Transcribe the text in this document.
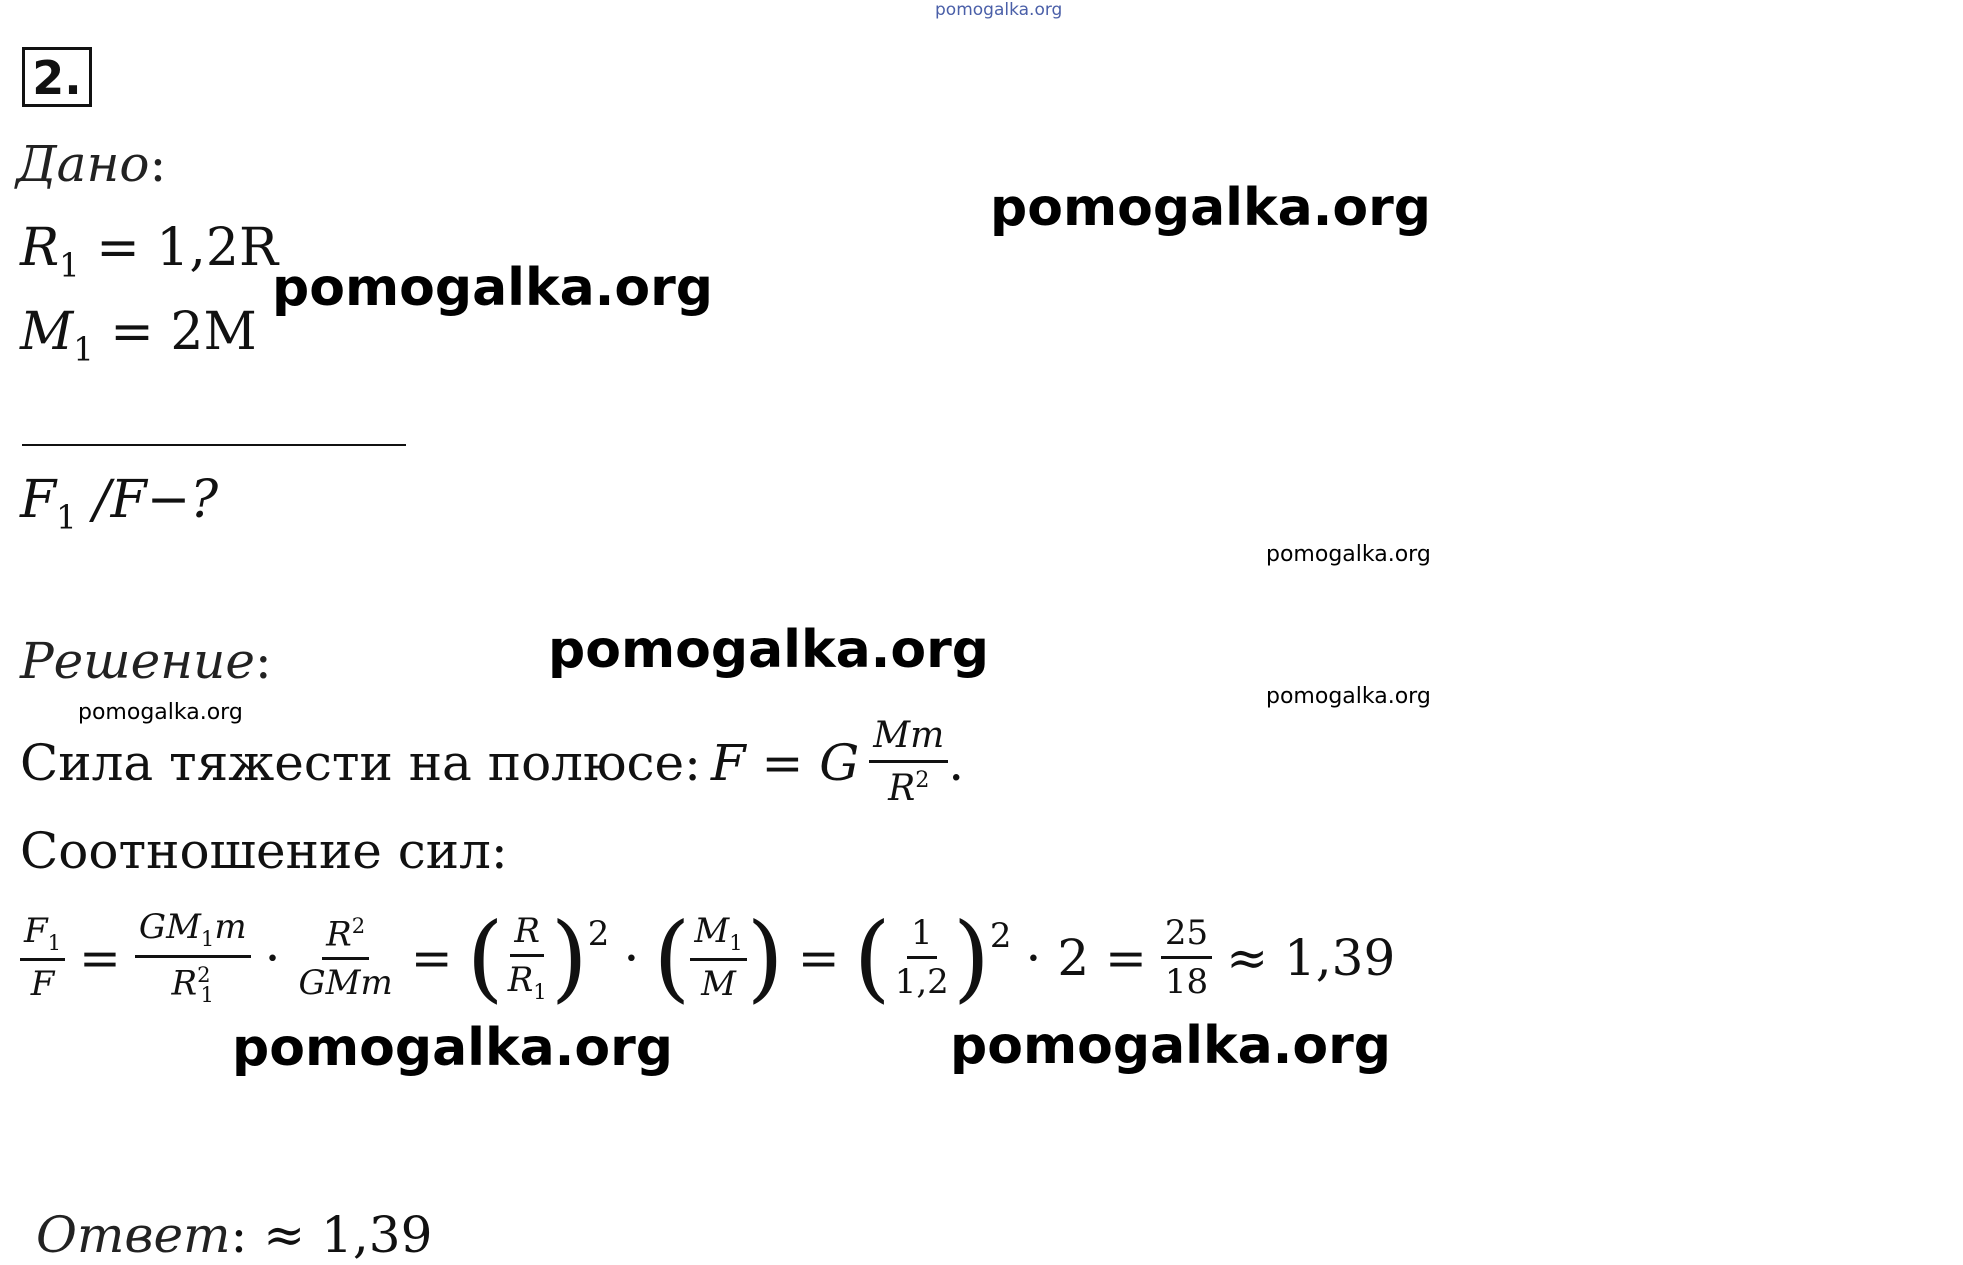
pomogalka.org
2.
Дано:
$R_1 = 1,2R$
$M_1 = 2M$
$F_1$ /F−?
Решение:
Сила тяжести на полюсе: F = G $\frac{Mm}{R^2}$ .
Соотношение сил:
$\frac{F_1}{F} = \frac{GM_1m}{R^2_1} \cdot \frac{R^2}{\text{GMm}}$ = ( $\frac{R}{R_1} )^2$ · ( $\frac{M_1}{M}$ ) = ( $\frac{1}{1,2} )^2 \cdot 2 = \frac{25}{18} \approx 1,39$
Ответ: ≈ 1,39
pomogalka.org
pomogalka.org
pomogalka.org
pomogalka.org	pomogalka.org
pomogalka.org
pomogalka.org
pomogalka.org
